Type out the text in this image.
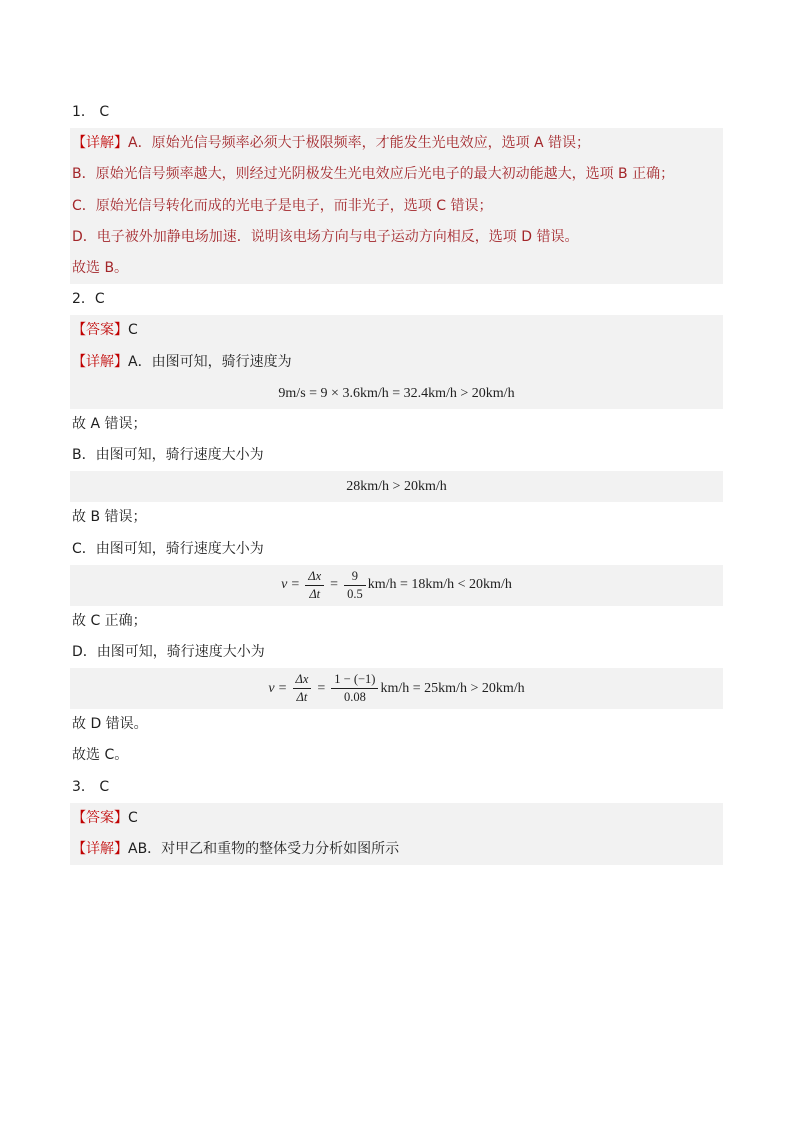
1． C
【详解】A．原始光信号频率必须大于极限频率，才能发生光电效应，选项 A 错误；
B．原始光信号频率越大，则经过光阴极发生光电效应后光电子的最大初动能越大，选项 B 正确；
C．原始光信号转化而成的光电子是电子，而非光子，选项 C 错误；
D．电子被外加静电场加速．说明该电场方向与电子运动方向相反，选项 D 错误。
故选 B。
2．C
【答案】C
【详解】A．由图可知，骑行速度为
9m/s = 9 × 3.6km/h = 32.4km/h > 20km/h
故 A 错误；
B．由图可知，骑行速度大小为
28km/h > 20km/h
故 B 错误；
C．由图可知，骑行速度大小为
$v = \frac{\Delta x}{\Delta t} = \frac{9}{0.5} km/h = 18km/h < 20km/h$
故 C 正确；
D．由图可知，骑行速度大小为
$v = \frac{\Delta x}{\Delta t} = \frac{1 - (-1)}{0.08} km/h = 25km/h > 20km/h$
故 D 错误。
故选 C。
3． C
【答案】C
【详解】AB．对甲乙和重物的整体受力分析如图所示
